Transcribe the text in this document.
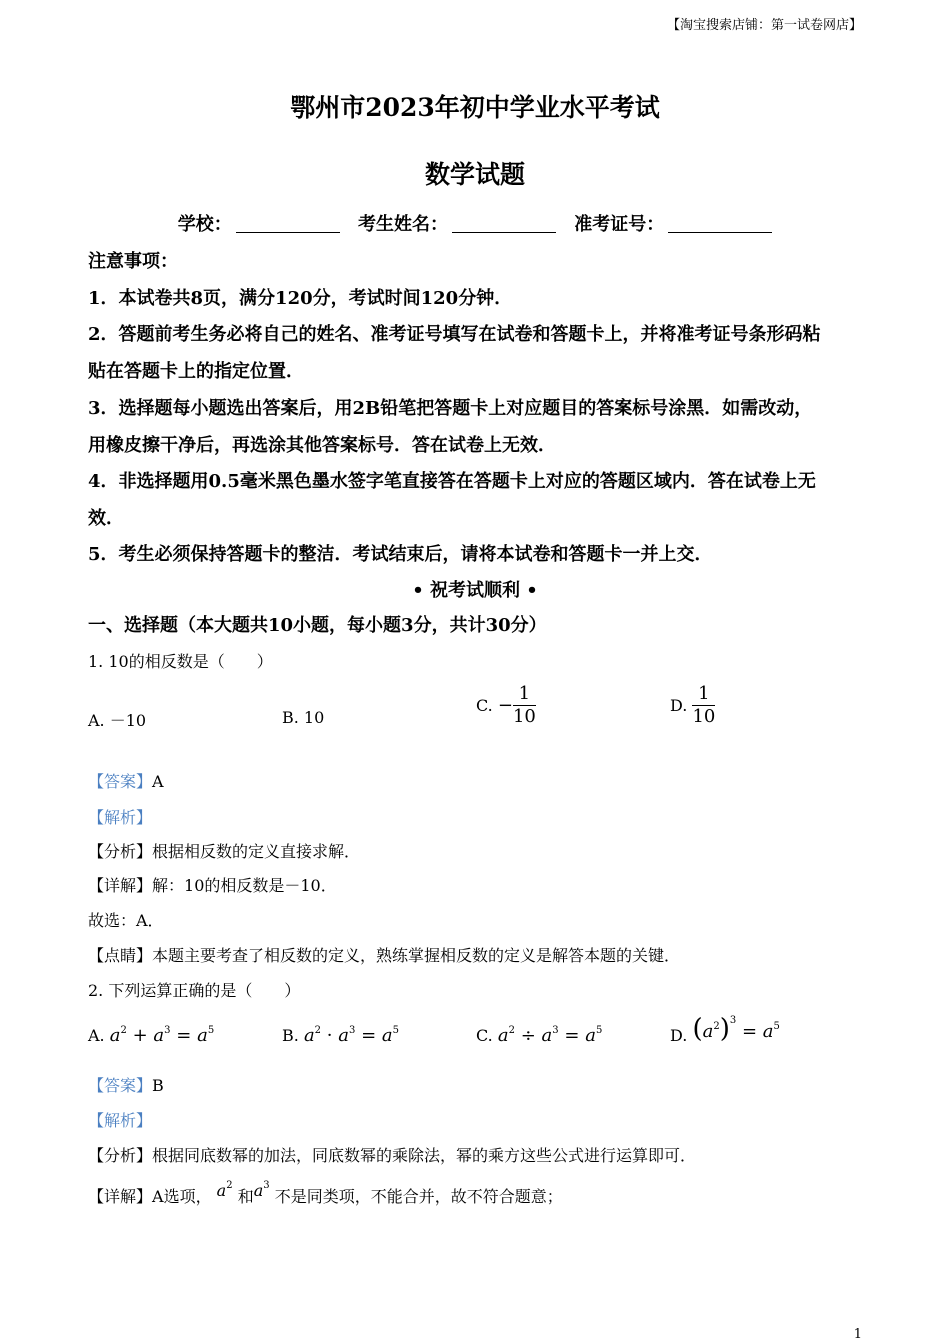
【淘宝搜索店铺：第一试卷网店】
鄂州市2023年初中学业水平考试
数学试题
学校：	考生姓名：	准考证号：
注意事项：
1．本试卷共8页，满分120分，考试时间120分钟．
2．答题前考生务必将自己的姓名、准考证号填写在试卷和答题卡上，并将准考证号条形码粘
贴在答题卡上的指定位置．
3．选择题每小题选出答案后，用2B铅笔把答题卡上对应题目的答案标号涂黑．如需改动，
用橡皮擦干净后，再选涂其他答案标号．答在试卷上无效．
4．非选择题用0.5毫米黑色墨水签字笔直接答在答题卡上对应的答题区域内．答在试卷上无
效．
5．考生必须保持答题卡的整洁．考试结束后，请将本试卷和答题卡一并上交．
• 祝考试顺利 •
一、选择题（本大题共10小题，每小题3分，共计30分）
1. 10的相反数是（　　）
A. －10	B. 10
C. − $\frac{1}{10}$	D. $\frac{1}{10}$
【答案】A
【解析】
【分析】根据相反数的定义直接求解．
【详解】解：10的相反数是－10．
故选：A．
【点睛】本题主要考查了相反数的定义，熟练掌握相反数的定义是解答本题的关键．
2. 下列运算正确的是（　　）
A. $a^2 + a^3 = a^5$	B. $a^2 \cdot a^3 = a^5$	C. $a^2 \div a^3 = a^5$	D. $(a^2)^3 = a^5$
【答案】B
【解析】
【分析】根据同底数幂的加法，同底数幂的乘除法，幂的乘方这些公式进行运算即可．
【详解】A选项， $a^2$ 和$a^3$ 不是同类项，不能合并，故不符合题意；
1
